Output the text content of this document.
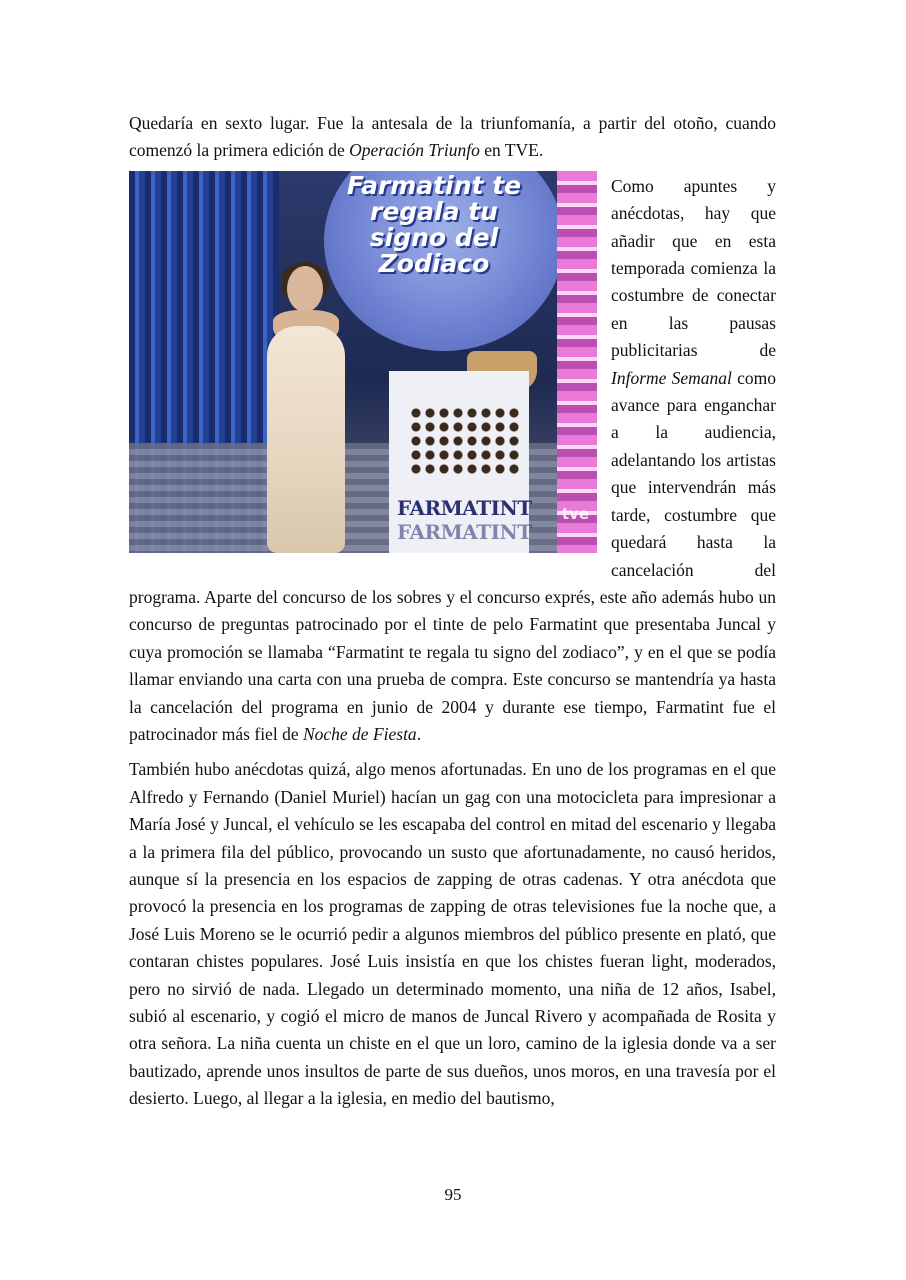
Quedaría en sexto lugar. Fue la antesala de la triunfomanía, a partir del otoño, cuando comenzó la primera edición de Operación Triunfo en TVE.

Farmatint te regala tu signo del Zodiaco
FARMATINT
FARMATINT
tve

Como apuntes y anécdotas, hay que añadir que en esta temporada comienza la costumbre de conectar en las pausas publicitarias de Informe Semanal como avance para enganchar a la audiencia, adelantando los artistas que intervendrán más tarde, costumbre que quedará hasta la cancelación del programa. Aparte del concurso de los sobres y el concurso exprés, este año además hubo un concurso de preguntas patrocinado por el tinte de pelo Farmatint que presentaba Juncal y cuya promoción se llamaba “Farmatint te regala tu signo del zodiaco”, y en el que se podía llamar enviando una carta con una prueba de compra. Este concurso se mantendría ya hasta la cancelación del programa en junio de 2004 y durante ese tiempo, Farmatint fue el patrocinador más fiel de Noche de Fiesta.

También hubo anécdotas quizá, algo menos afortunadas. En uno de los programas en el que Alfredo y Fernando (Daniel Muriel) hacían un gag con una motocicleta para impresionar a María José y Juncal, el vehículo se les escapaba del control en mitad del escenario y llegaba a la primera fila del público, provocando un susto que afortunadamente, no causó heridos, aunque sí la presencia en los espacios de zapping de otras cadenas. Y otra anécdota que provocó la presencia en los programas de zapping de otras televisiones fue la noche que, a José Luis Moreno se le ocurrió pedir a algunos miembros del público presente en plató, que contaran chistes populares. José Luis insistía en que los chistes fueran light, moderados, pero no sirvió de nada. Llegado un determinado momento, una niña de 12 años, Isabel, subió al escenario, y cogió el micro de manos de Juncal Rivero y acompañada de Rosita y otra señora. La niña cuenta un chiste en el que un loro, camino de la iglesia donde va a ser bautizado, aprende unos insultos de parte de sus dueños, unos moros, en una travesía por el desierto. Luego, al llegar a la iglesia, en medio del bautismo,

95
